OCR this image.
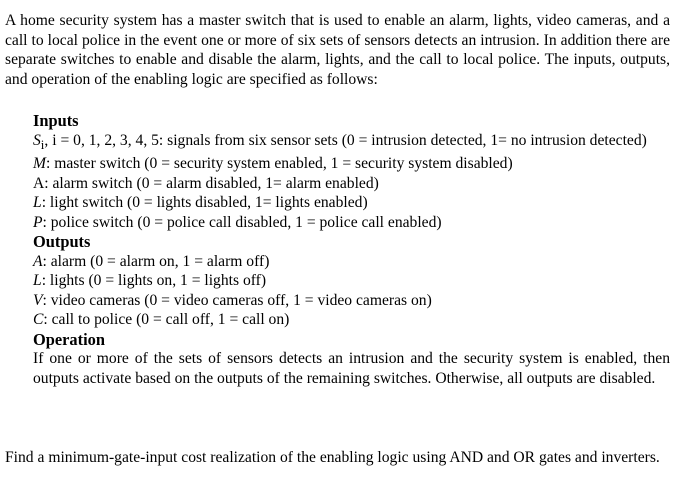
A home security system has a master switch that is used to enable an alarm, lights, video cameras, and a call to local police in the event one or more of six sets of sensors detects an intrusion. In addition there are separate switches to enable and disable the alarm, lights, and the call to local police. The inputs, outputs, and operation of the enabling logic are specified as follows:

Inputs
$S_i$, i = 0, 1, 2, 3, 4, 5: signals from six sensor sets (0 = intrusion detected, 1= no intrusion detected)
M: master switch (0 = security system enabled, 1 = security system disabled)
A: alarm switch (0 = alarm disabled, 1= alarm enabled)
L: light switch (0 = lights disabled, 1= lights enabled)
P: police switch (0 = police call disabled, 1 = police call enabled)
Outputs
A: alarm (0 = alarm on, 1 = alarm off)
L: lights (0 = lights on, 1 = lights off)
V: video cameras (0 = video cameras off, 1 = video cameras on)
C: call to police (0 = call off, 1 = call on)
Operation

If one or more of the sets of sensors detects an intrusion and the security system is enabled, then outputs activate based on the outputs of the remaining switches. Otherwise, all outputs are disabled.

Find a minimum-gate-input cost realization of the enabling logic using AND and OR gates and inverters.
